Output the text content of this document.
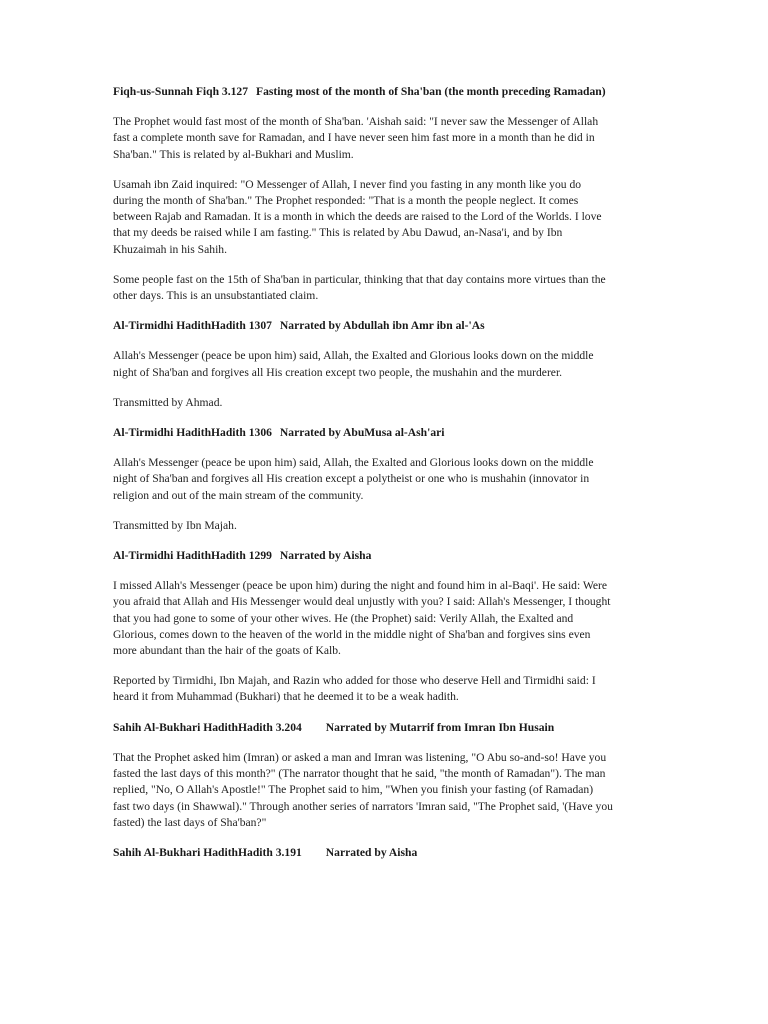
Fiqh-us-Sunnah Fiqh 3.127 Fasting most of the month of Sha'ban (the month preceding Ramadan)
The Prophet would fast most of the month of Sha'ban. 'Aishah said: "I never saw the Messenger of Allah
fast a complete month save for Ramadan, and I have never seen him fast more in a month than he did in
Sha'ban." This is related by al-Bukhari and Muslim.
Usamah ibn Zaid inquired: "O Messenger of Allah, I never find you fasting in any month like you do
during the month of Sha'ban." The Prophet responded: "That is a month the people neglect. It comes
between Rajab and Ramadan. It is a month in which the deeds are raised to the Lord of the Worlds. I love
that my deeds be raised while I am fasting." This is related by Abu Dawud, an-Nasa'i, and by Ibn
Khuzaimah in his Sahih.
Some people fast on the 15th of Sha'ban in particular, thinking that that day contains more virtues than the
other days. This is an unsubstantiated claim.
Al-Tirmidhi HadithHadith 1307 Narrated by Abdullah ibn Amr ibn al-'As
Allah's Messenger (peace be upon him) said, Allah, the Exalted and Glorious looks down on the middle
night of Sha'ban and forgives all His creation except two people, the mushahin and the murderer.
Transmitted by Ahmad.
Al-Tirmidhi HadithHadith 1306 Narrated by AbuMusa al-Ash'ari
Allah's Messenger (peace be upon him) said, Allah, the Exalted and Glorious looks down on the middle
night of Sha'ban and forgives all His creation except a polytheist or one who is mushahin (innovator in
religion and out of the main stream of the community.
Transmitted by Ibn Majah.
Al-Tirmidhi HadithHadith 1299 Narrated by Aisha
I missed Allah's Messenger (peace be upon him) during the night and found him in al-Baqi'. He said: Were
you afraid that Allah and His Messenger would deal unjustly with you? I said: Allah's Messenger, I thought
that you had gone to some of your other wives. He (the Prophet) said: Verily Allah, the Exalted and
Glorious, comes down to the heaven of the world in the middle night of Sha'ban and forgives sins even
more abundant than the hair of the goats of Kalb.
Reported by Tirmidhi, Ibn Majah, and Razin who added for those who deserve Hell and Tirmidhi said: I
heard it from Muhammad (Bukhari) that he deemed it to be a weak hadith.
Sahih Al-Bukhari HadithHadith 3.204 Narrated by Mutarrif from Imran Ibn Husain
That the Prophet asked him (Imran) or asked a man and Imran was listening, "O Abu so-and-so! Have you
fasted the last days of this month?" (The narrator thought that he said, "the month of Ramadan"). The man
replied, "No, O Allah's Apostle!" The Prophet said to him, "When you finish your fasting (of Ramadan)
fast two days (in Shawwal)." Through another series of narrators 'Imran said, "The Prophet said, '(Have you
fasted) the last days of Sha'ban?"
Sahih Al-Bukhari HadithHadith 3.191 Narrated by Aisha
